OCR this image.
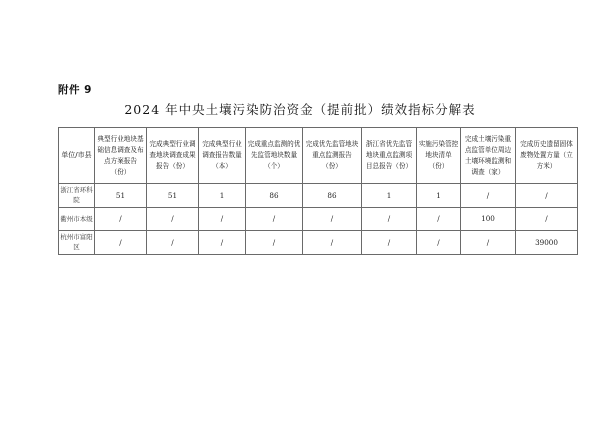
附件 9
2024 年中央土壤污染防治资金（提前批）绩效指标分解表
单位/市县	典型行业地块基础信息调查及布点方案报告（份）	完成典型行业调查地块调查成果报告（份）	完成典型行业调查报告数量（本）	完成重点监测的优先监管地块数量（个）	完成优先监管地块重点监测报告（份）	浙江省优先监管地块重点监测项目总报告（份）	实施污染管控地块清单（份）	完成土壤污染重点监管单位周边土壤环境监测和调查（家）	完成历史遗留固体废物处置方量（立方米）
浙江省环科院	51	51	1	86	86	1	1	/	/
衢州市本级	/	/	/	/	/	/	/	100	/
杭州市富阳区	/	/	/	/	/	/	/	/	39000
